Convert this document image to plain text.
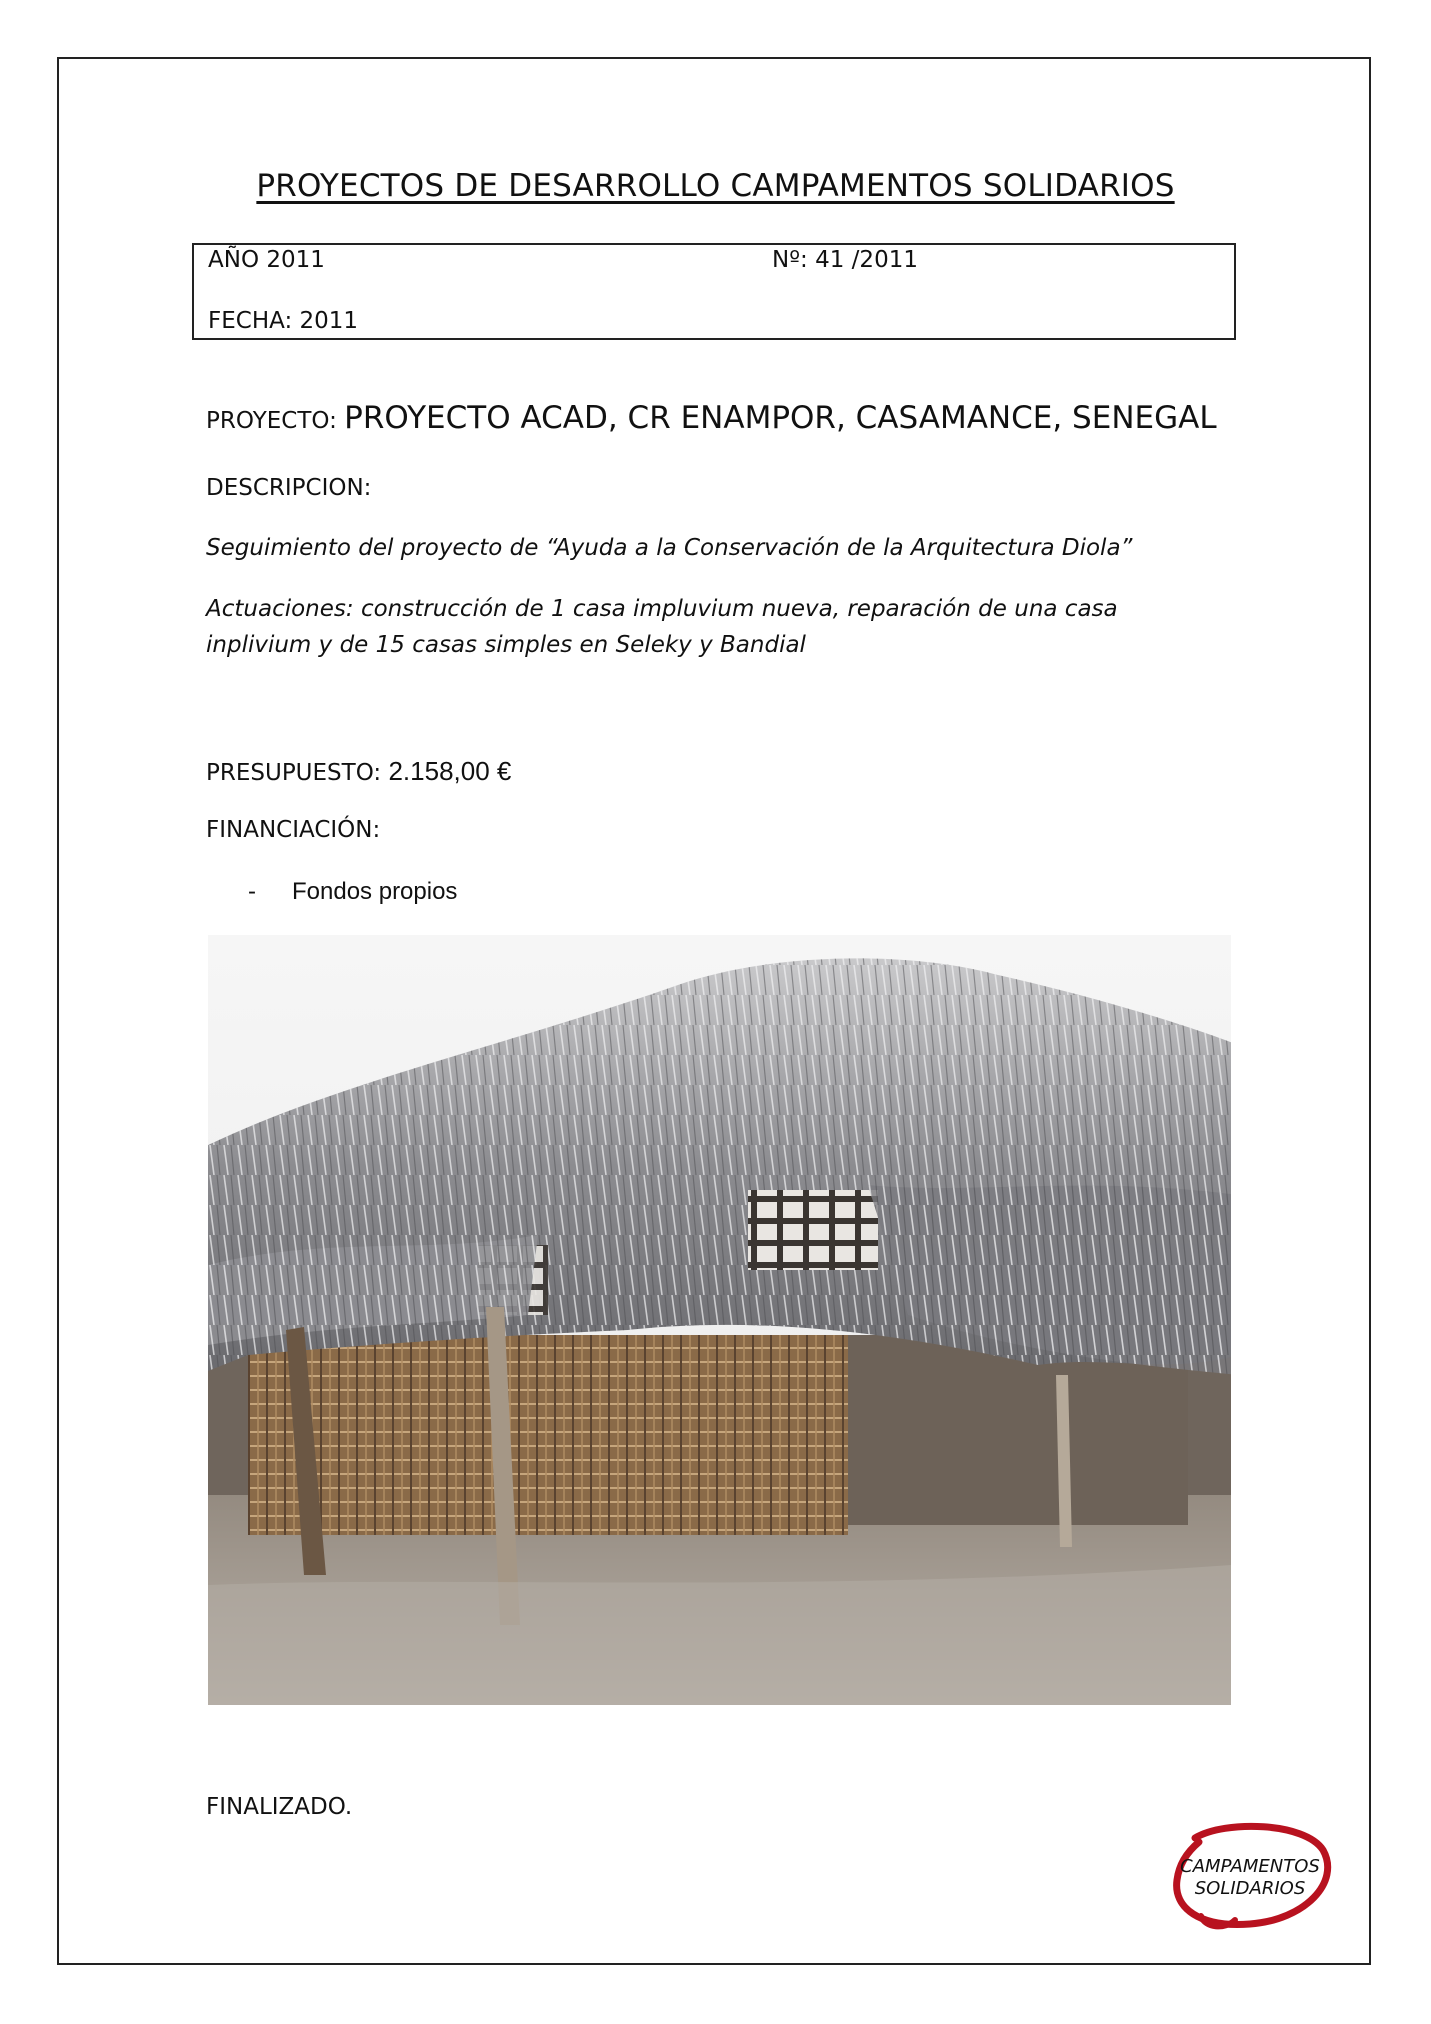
PROYECTOS DE DESARROLLO CAMPAMENTOS SOLIDARIOS
AÑO 2011	Nº: 41 /2011
FECHA: 2011
PROYECTO: PROYECTO ACAD, CR ENAMPOR, CASAMANCE, SENEGAL
DESCRIPCION:
Seguimiento del proyecto de “Ayuda a la Conservación de la Arquitectura Diola”
Actuaciones: construcción de 1 casa impluvium nueva, reparación de una casa
inplivium y de 15 casas simples en Seleky y Bandial
PRESUPUESTO: 2.158,00 €
FINANCIACIÓN:
- Fondos propios
FINALIZADO.
CAMPAMENTOS
SOLIDARIOS
